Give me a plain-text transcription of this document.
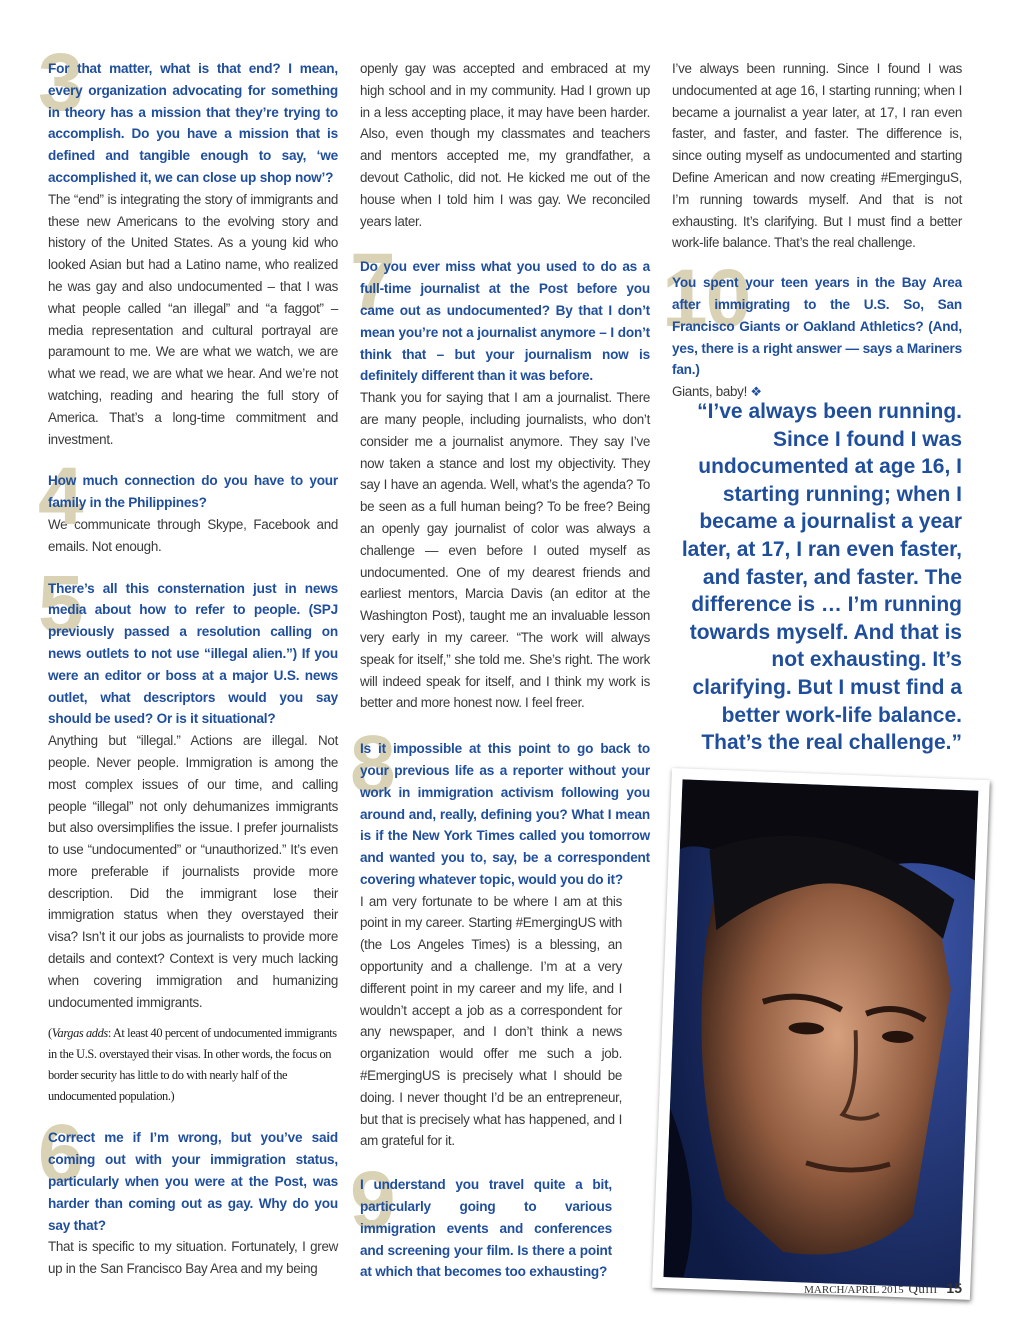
3

For that matter, what is that end? I mean, every organization advocating for something in theory has a mission that they’re trying to accomplish. Do you have a mission that is defined and tangible enough to say, ‘we accomplished it, we can close up shop now’?

The “end” is integrating the story of immigrants and these new Americans to the evolving story and history of the United States. As a young kid who looked Asian but had a Latino name, who realized he was gay and also undocumented – that I was what people called “an illegal” and “a faggot” – media representation and cultural portrayal are paramount to me. We are what we watch, we are what we read, we are what we hear. And we’re not watching, reading and hearing the full story of America. That’s a long-time commitment and investment.

4

How much connection do you have to your family in the Philippines?

We communicate through Skype, Facebook and emails. Not enough.

5

There’s all this consternation just in news media about how to refer to people. (SPJ previously passed a resolution calling on news outlets to not use “illegal alien.”) If you were an editor or boss at a major U.S. news outlet, what descriptors would you say should be used? Or is it situational?

Anything but “illegal.” Actions are illegal. Not people. Never people. Immigration is among the most complex issues of our time, and calling people “illegal” not only dehumanizes immigrants but also oversimplifies the issue. I prefer journalists to use “undocumented” or “unauthorized.” It’s even more preferable if journalists provide more description. Did the immigrant lose their immigration status when they overstayed their visa? Isn’t it our jobs as journalists to provide more details and context? Context is very much lacking when covering immigration and humanizing undocumented immigrants.

(Vargas adds: At least 40 percent of undocumented immigrants in the U.S. overstayed their visas. In other words, the focus on border security has little to do with nearly half of the undocumented population.)

6

Correct me if I’m wrong, but you’ve said coming out with your immigration status, particularly when you were at the Post, was harder than coming out as gay. Why do you say that?

That is specific to my situation. Fortunately, I grew up in the San Francisco Bay Area and my being

openly gay was accepted and embraced at my high school and in my community. Had I grown up in a less accepting place, it may have been harder. Also, even though my classmates and teachers and mentors accepted me, my grandfather, a devout Catholic, did not. He kicked me out of the house when I told him I was gay. We reconciled years later.

7

Do you ever miss what you used to do as a full-time journalist at the Post before you came out as undocumented? By that I don’t mean you’re not a journalist anymore – I don’t think that – but your journalism now is definitely different than it was before.

Thank you for saying that I am a journalist. There are many people, including journalists, who don’t consider me a journalist anymore. They say I’ve now taken a stance and lost my objectivity. They say I have an agenda. Well, what’s the agenda? To be seen as a full human being? To be free? Being an openly gay journalist of color was always a challenge — even before I outed myself as undocumented. One of my dearest friends and earliest mentors, Marcia Davis (an editor at the Washington Post), taught me an invaluable lesson very early in my career. “The work will always speak for itself,” she told me. She’s right. The work will indeed speak for itself, and I think my work is better and more honest now. I feel freer.

8

Is it impossible at this point to go back to your previous life as a reporter without your work in immigration activism following you around and, really, defining you? What I mean is if the New York Times called you tomorrow and wanted you to, say, be a correspondent covering whatever topic, would you do it?

I am very fortunate to be where I am at this point in my career. Starting #EmergingUS with (the Los Angeles Times) is a blessing, an opportunity and a challenge. I’m at a very different point in my career and my life, and I wouldn’t accept a job as a correspondent for any newspaper, and I don’t think a news organization would offer me such a job. #EmergingUS is precisely what I should be doing. I never thought I’d be an entrepreneur, but that is precisely what has happened, and I am grateful for it.

9

I understand you travel quite a bit, particularly going to various immigration events and conferences and screening your film. Is there a point at which that becomes too exhausting?

I’ve always been running. Since I found I was undocumented at age 16, I starting running; when I became a journalist a year later, at 17, I ran even faster, and faster, and faster. The difference is, since outing myself as undocumented and starting Define American and now creating #EmerginguS, I’m running towards myself. And that is not exhausting. It’s clarifying. But I must find a better work-life balance. That’s the real challenge.

10

You spent your teen years in the Bay Area after immigrating to the U.S. So, San Francisco Giants or Oakland Athletics? (And, yes, there is a right answer — says a Mariners fan.)

Giants, baby! ❖

“I’ve always been running. Since I found I was undocumented at age 16, I starting running; when I became a journalist a year later, at 17, I ran even faster, and faster, and faster. The difference is … I’m running towards myself. And that is not exhausting. It’s clarifying. But I must find a better work-life balance. That’s the real challenge.”
MARCH/APRIL 2015 Quill 15
